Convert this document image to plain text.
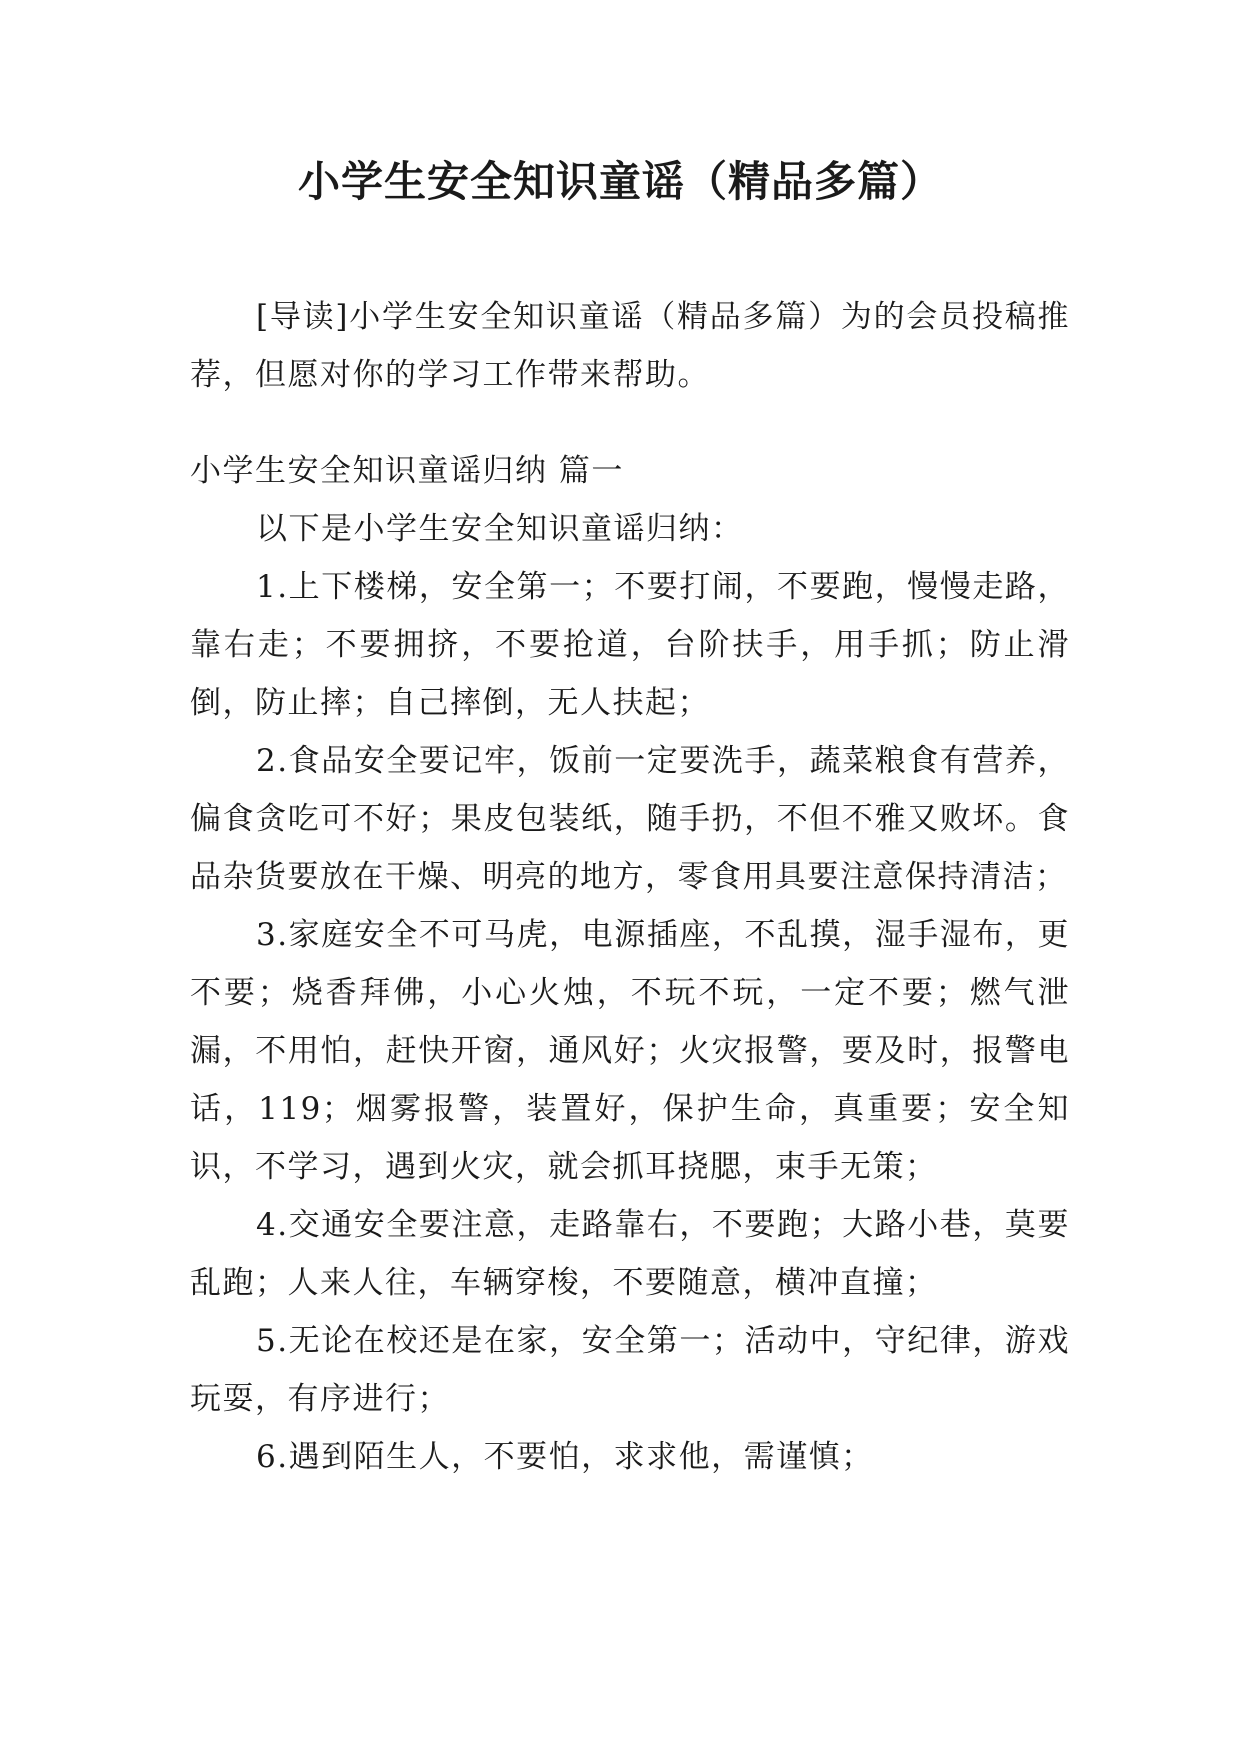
小学生安全知识童谣（精品多篇）

[导读]小学生安全知识童谣（精品多篇）为的会员投稿推荐，但愿对你的学习工作带来帮助。

小学生安全知识童谣归纳 篇一

以下是小学生安全知识童谣归纳：

1.上下楼梯，安全第一；不要打闹，不要跑，慢慢走路，靠右走；不要拥挤，不要抢道，台阶扶手，用手抓；防止滑倒，防止摔；自己摔倒，无人扶起；

2.食品安全要记牢，饭前一定要洗手，蔬菜粮食有营养，偏食贪吃可不好；果皮包装纸，随手扔，不但不雅又败坏。食品杂货要放在干燥、明亮的地方，零食用具要注意保持清洁；

3.家庭安全不可马虎，电源插座，不乱摸，湿手湿布，更不要；烧香拜佛，小心火烛，不玩不玩，一定不要；燃气泄漏，不用怕，赶快开窗，通风好；火灾报警，要及时，报警电话，119；烟雾报警，装置好，保护生命，真重要；安全知识，不学习，遇到火灾，就会抓耳挠腮，束手无策；

4.交通安全要注意，走路靠右，不要跑；大路小巷，莫要乱跑；人来人往，车辆穿梭，不要随意，横冲直撞；

5.无论在校还是在家，安全第一；活动中，守纪律，游戏玩耍，有序进行；

6.遇到陌生人，不要怕，求求他，需谨慎；
